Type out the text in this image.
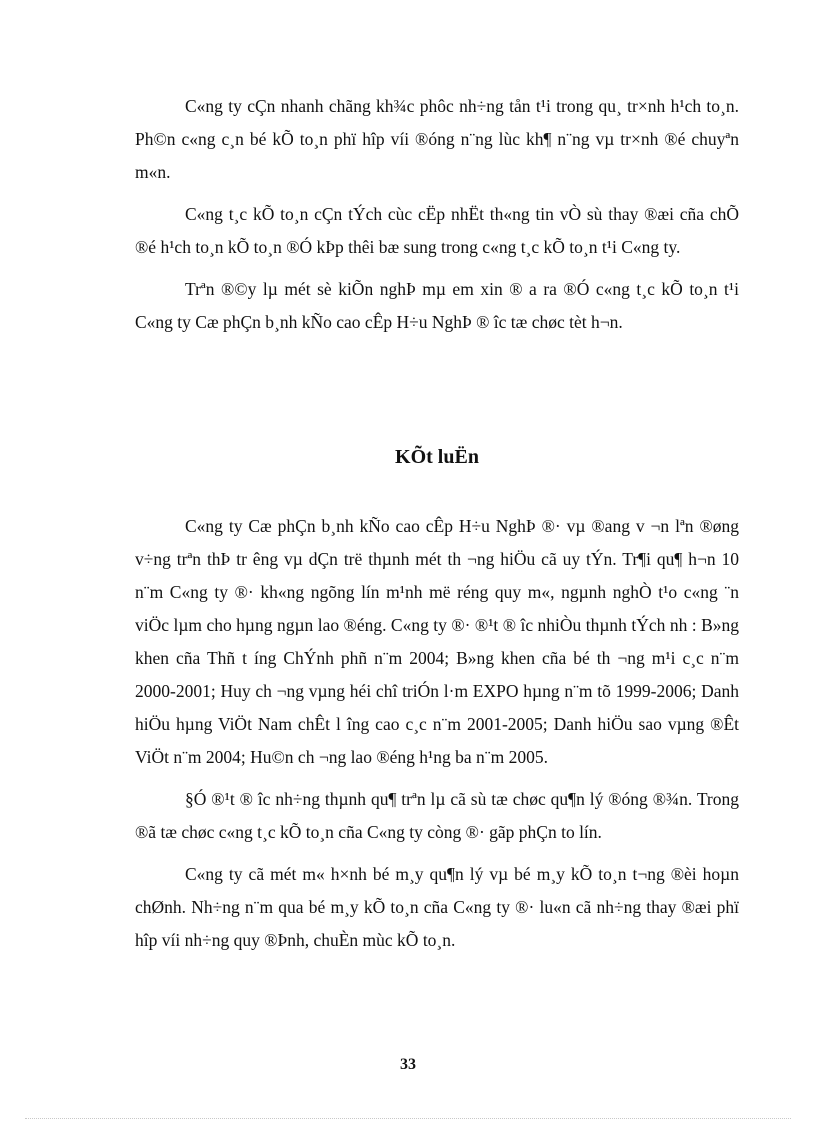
C«ng ty cÇn nhanh chãng kh¾c phôc nh÷ng tån t¹i trong qu¸ tr×nh h¹ch to¸n. Ph©n c«ng c¸n bé kÕ to¸n phï hîp víi ®óng n¨ng lùc kh¶ n¨ng vµ tr×nh ®é chuyªn m«n.

C«ng t¸c kÕ to¸n cÇn tÝch cùc cËp nhËt th«ng tin vÒ sù thay ®æi cña chÕ ®é h¹ch to¸n kÕ to¸n ®Ó kÞp thêi bæ sung trong c«ng t¸c kÕ to¸n t¹i C«ng ty.

Trªn ®©y lµ mét sè kiÕn nghÞ mµ em xin ® a ra ®Ó c«ng t¸c kÕ to¸n t¹i C«ng ty Cæ phÇn b¸nh kÑo cao cÊp H÷u NghÞ ® îc tæ chøc tèt h¬n.

KÕt luËn

C«ng ty Cæ phÇn b¸nh kÑo cao cÊp H÷u NghÞ ®· vµ ®ang v ¬n lªn ®øng v÷ng trªn thÞ tr êng vµ dÇn trë thµnh mét th ¬ng hiÖu cã uy tÝn. Tr¶i qu¶ h¬n 10 n¨m C«ng ty ®· kh«ng ngõng lín m¹nh më réng quy m«, ngµnh nghÒ t¹o c«ng ¨n viÖc lµm cho hµng ngµn lao ®éng. C«ng ty ®· ®¹t ® îc nhiÒu thµnh tÝch nh : B»ng khen cña Thñ t íng ChÝnh phñ n¨m 2004; B»ng khen cña bé th ¬ng m¹i c¸c n¨m 2000-2001; Huy ch ¬ng vµng héi chî triÓn l·m EXPO hµng n¨m tõ 1999-2006; Danh hiÖu hµng ViÖt Nam chÊt l îng cao c¸c n¨m 2001-2005; Danh hiÖu sao vµng ®Êt ViÖt n¨m 2004; Hu©n ch ¬ng lao ®éng h¹ng ba n¨m 2005.

§Ó ®¹t ® îc nh÷ng thµnh qu¶ trªn lµ cã sù tæ chøc qu¶n lý ®óng ®¾n. Trong ®ã tæ chøc c«ng t¸c kÕ to¸n cña C«ng ty còng ®· gãp phÇn to lín.

C«ng ty cã mét m« h×nh bé m¸y qu¶n lý vµ bé m¸y kÕ to¸n t¬ng ®èi hoµn chØnh. Nh÷ng n¨m qua bé m¸y kÕ to¸n cña C«ng ty ®· lu«n cã nh÷ng thay ®æi phï hîp víi nh÷ng quy ®Þnh, chuÈn mùc kÕ to¸n.

33
